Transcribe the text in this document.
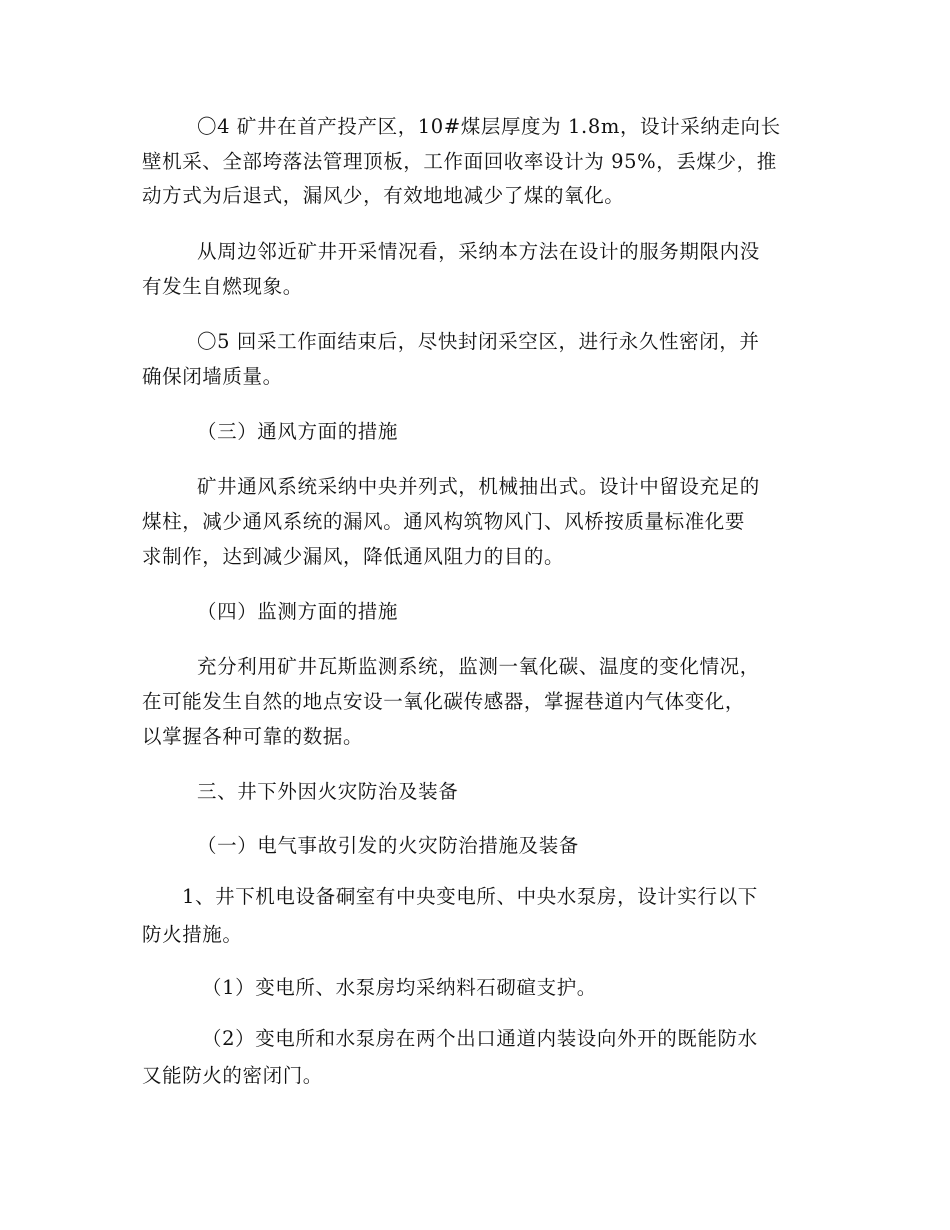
〇4 矿井在首产投产区，10#煤层厚度为 1.8m，设计采纳走向长
壁机采、全部垮落法管理顶板，工作面回收率设计为 95%，丢煤少，推
动方式为后退式，漏风少，有效地地减少了煤的氧化。
从周边邻近矿井开采情况看，采纳本方法在设计的服务期限内没
有发生自燃现象。
〇5 回采工作面结束后，尽快封闭采空区，进行永久性密闭，并
确保闭墙质量。
（三）通风方面的措施
矿井通风系统采纳中央并列式，机械抽出式。设计中留设充足的
煤柱，减少通风系统的漏风。通风构筑物风门、风桥按质量标准化要
求制作，达到减少漏风，降低通风阻力的目的。
（四）监测方面的措施
充分利用矿井瓦斯监测系统，监测一氧化碳、温度的变化情况，
在可能发生自然的地点安设一氧化碳传感器，掌握巷道内气体变化，
以掌握各种可靠的数据。
三、井下外因火灾防治及装备
（一）电气事故引发的火灾防治措施及装备
1、井下机电设备硐室有中央变电所、中央水泵房，设计实行以下
防火措施。
（1）变电所、水泵房均采纳料石砌碹支护。
（2）变电所和水泵房在两个出口通道内装设向外开的既能防水
又能防火的密闭门。
